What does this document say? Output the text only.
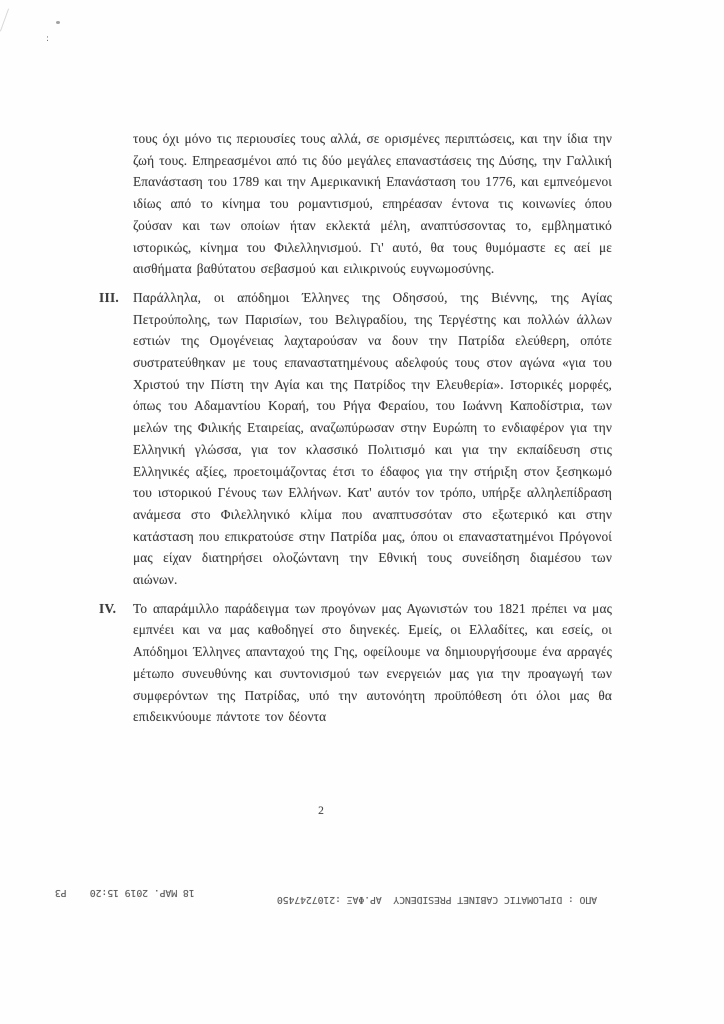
:

τους όχι μόνο τις περιουσίες τους αλλά, σε ορισμένες περιπτώσεις, και την ίδια την ζωή τους. Επηρεασμένοι από τις δύο μεγάλες επαναστάσεις της Δύσης, την Γαλλική Επανάσταση του 1789 και την Αμερικανική Επανάσταση του 1776, και εμπνεόμενοι ιδίως από το κίνημα του ρομαντισμού, επηρέασαν έντονα τις κοινωνίες όπου ζούσαν και των οποίων ήταν εκλεκτά μέλη, αναπτύσσοντας το, εμβληματικό ιστορικώς, κίνημα του Φιλελληνισμού. Γι' αυτό, θα τους θυμόμαστε ες αεί με αισθήματα βαθύτατου σεβασμού και ειλικρινούς ευγνωμοσύνης.

III. Παράλληλα, οι απόδημοι Έλληνες της Οδησσού, της Βιέννης, της Αγίας Πετρούπολης, των Παρισίων, του Βελιγραδίου, της Τεργέστης και πολλών άλλων εστιών της Ομογένειας λαχταρούσαν να δουν την Πατρίδα ελεύθερη, οπότε συστρατεύθηκαν με τους επαναστατημένους αδελφούς τους στον αγώνα «για του Χριστού την Πίστη την Αγία και της Πατρίδος την Ελευθερία». Ιστορικές μορφές, όπως του Αδαμαντίου Κοραή, του Ρήγα Φεραίου, του Ιωάννη Καποδίστρια, των μελών της Φιλικής Εταιρείας, αναζωπύρωσαν στην Ευρώπη το ενδιαφέρον για την Ελληνική γλώσσα, για τον κλασσικό Πολιτισμό και για την εκπαίδευση στις Ελληνικές αξίες, προετοιμάζοντας έτσι το έδαφος για την στήριξη στον ξεσηκωμό του ιστορικού Γένους των Ελλήνων. Κατ' αυτόν τον τρόπο, υπήρξε αλληλεπίδραση ανάμεσα στο Φιλελληνικό κλίμα που αναπτυσσόταν στο εξωτερικό και στην κατάσταση που επικρατούσε στην Πατρίδα μας, όπου οι επαναστατημένοι Πρόγονοί μας είχαν διατηρήσει ολοζώντανη την Εθνική τους συνείδηση διαμέσου των αιώνων.

IV. Το απαράμιλλο παράδειγμα των προγόνων μας Αγωνιστών του 1821 πρέπει να μας εμπνέει και να μας καθοδηγεί στο διηνεκές. Εμείς, οι Ελλαδίτες, και εσείς, οι Απόδημοι Έλληνες απανταχού της Γης, οφείλουμε να δημιουργήσουμε ένα αρραγές μέτωπο συνευθύνης και συντονισμού των ενεργειών μας για την προαγωγή των συμφερόντων της Πατρίδας, υπό την αυτονόητη προϋπόθεση ότι όλοι μας θα επιδεικνύουμε πάντοτε τον δέοντα

2
18 ΜΑΡ. 2019 15:20    P3
ΑΠΟ : DIPLOMATIC CABINET PRESIDENCY  ΑΡ.ΦΑΞ :2107247450
